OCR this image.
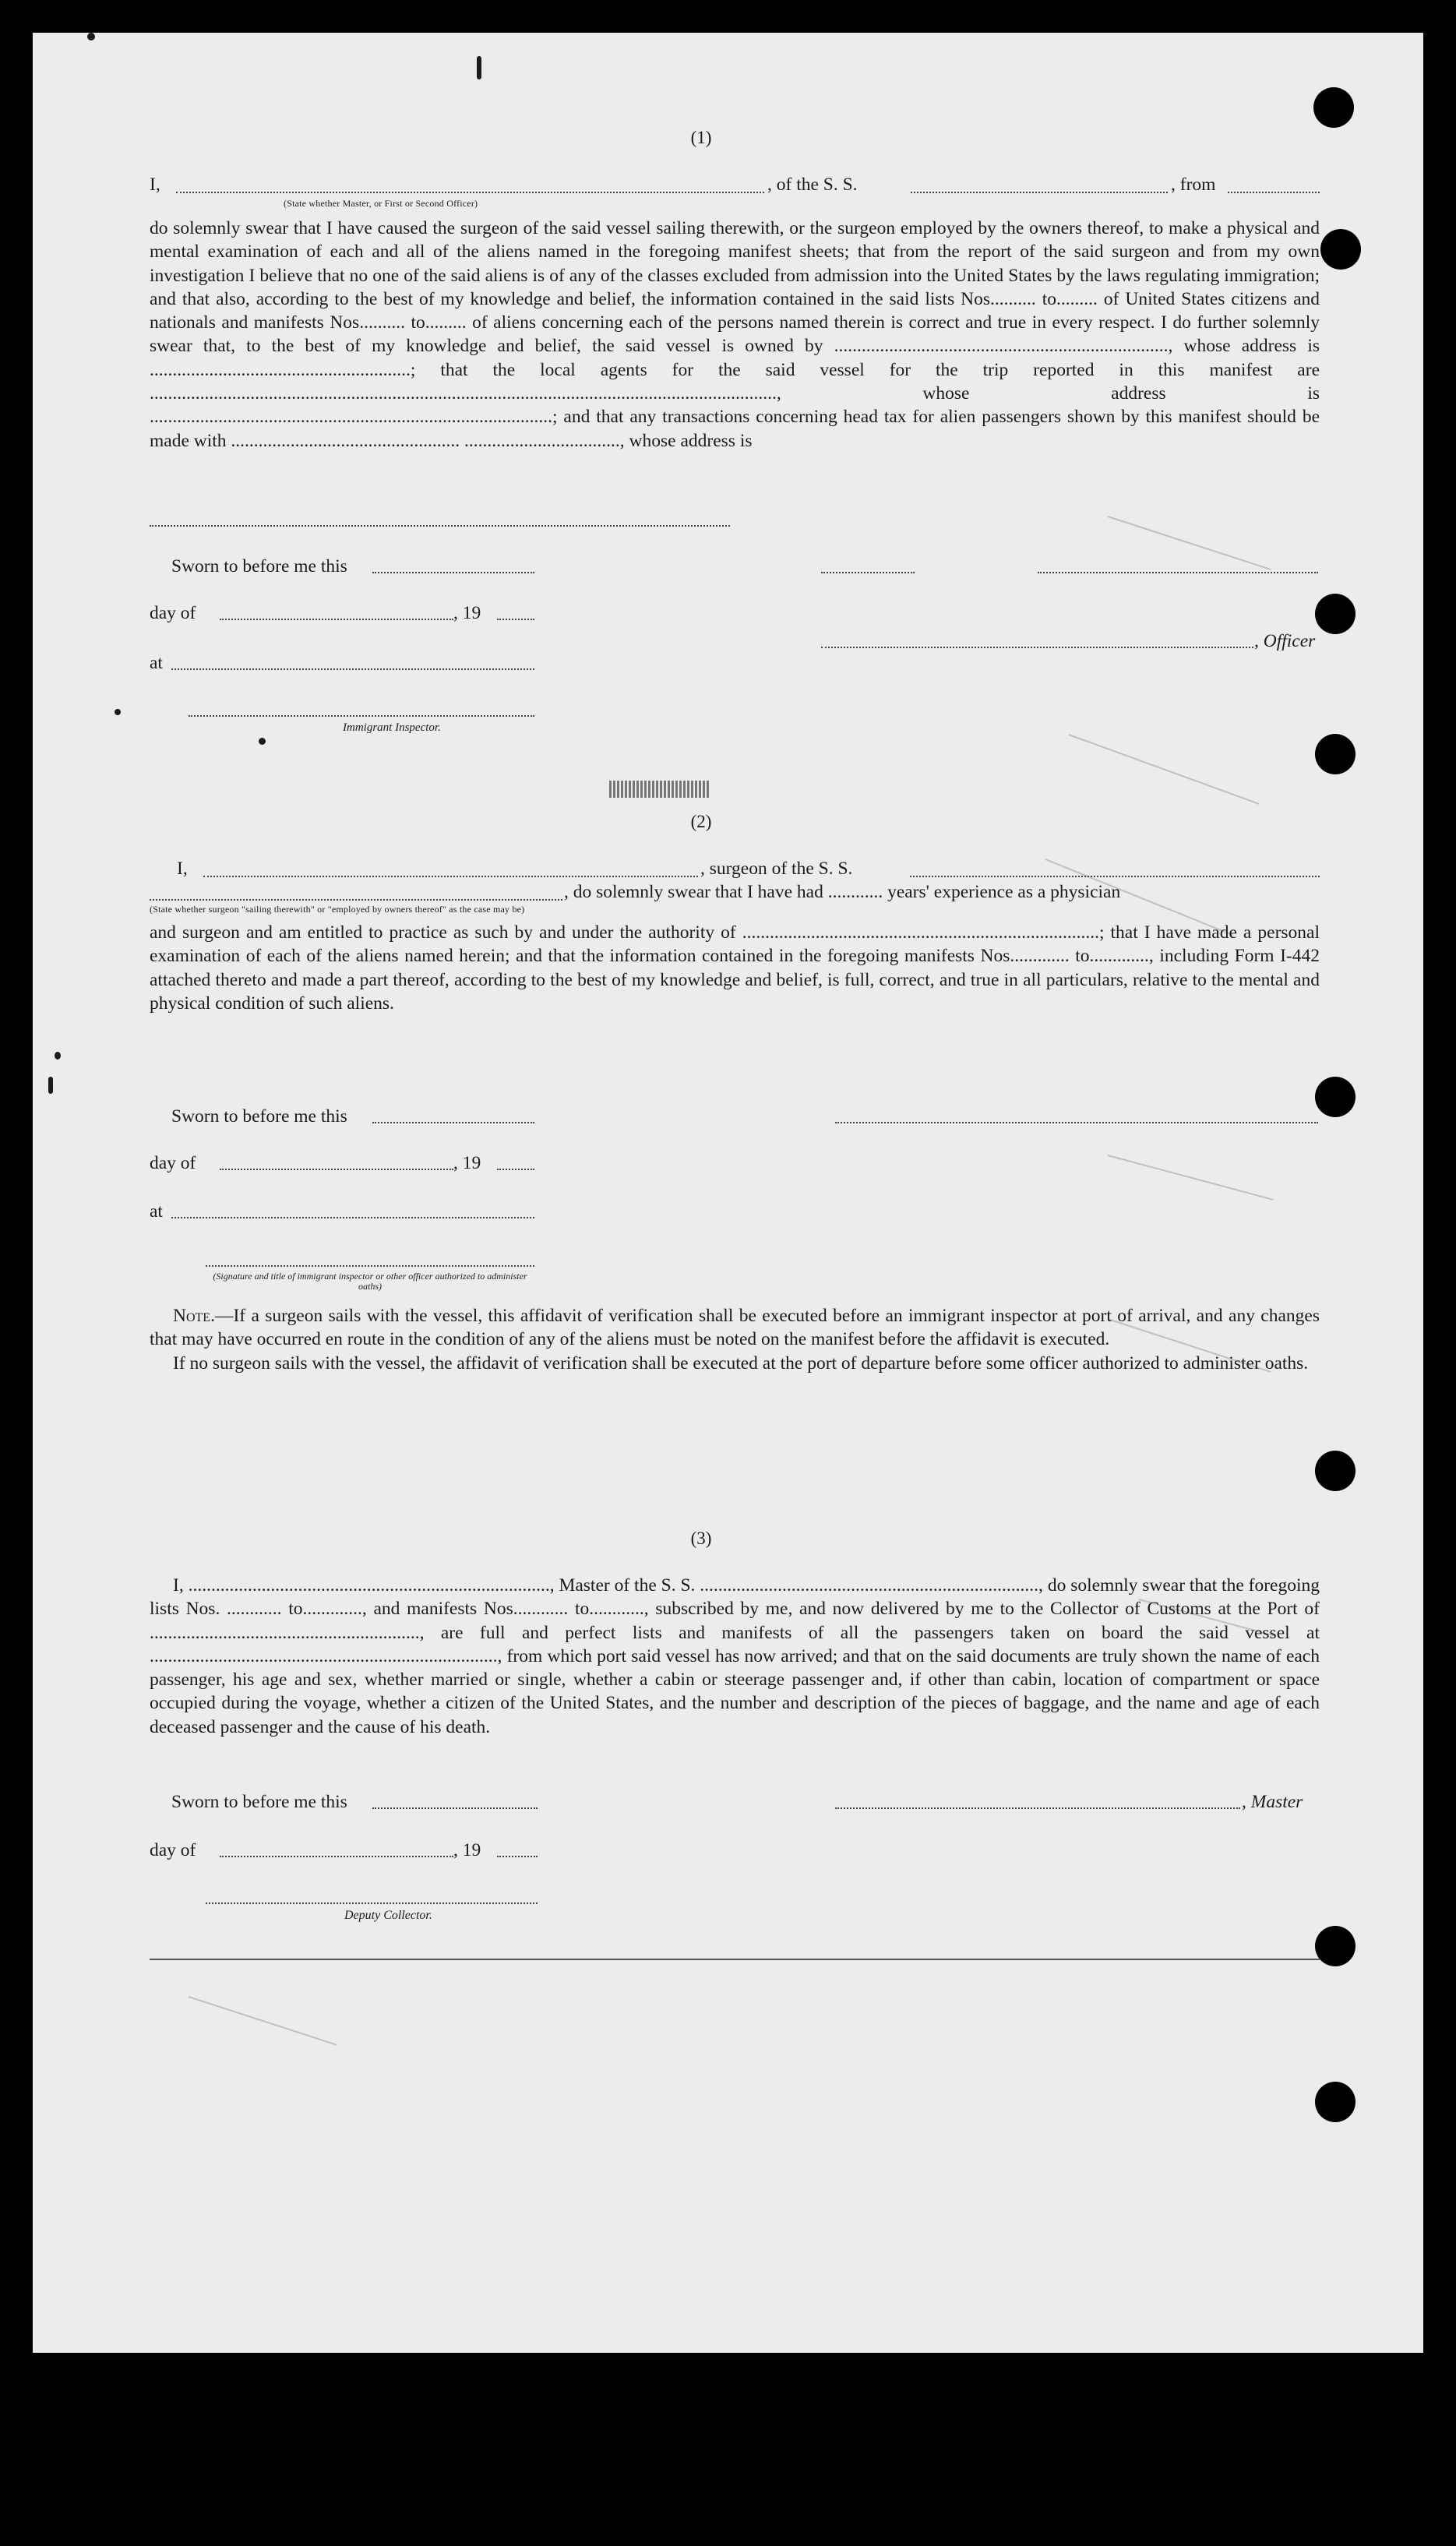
(1)
I,	, of the S. S.	, from
(State whether Master, or First or Second Officer)

do solemnly swear that I have caused the surgeon of the said vessel sailing therewith, or the surgeon employed by the owners thereof, to make a physical and mental examination of each and all of the aliens named in the foregoing manifest sheets; that from the report of the said surgeon and from my own investigation I believe that no one of the said aliens is of any of the classes excluded from admission into the United States by the laws regulating immigration; and that also, according to the best of my knowledge and belief, the information contained in the said lists Nos.......... to......... of United States citizens and nationals and manifests Nos.......... to......... of aliens concerning each of the persons named therein is correct and true in every respect. I do further solemnly swear that, to the best of my knowledge and belief, the said vessel is owned by ........................................................................., whose address is .........................................................; that the local agents for the said vessel for the trip reported in this manifest are ........................................................................................................................................., whose address is ........................................................................................; and that any transactions concerning head tax for alien passengers shown by this manifest should be made with .................................................. .................................., whose address is

Sworn to before me this
day of	, 19
, Officer
at
Immigrant Inspector.
(2)
I,	, surgeon of the S. S.
, do solemnly swear that I have had ............ years' experience as a physician
(State whether surgeon "sailing therewith" or "employed by owners thereof" as the case may be)

and surgeon and am entitled to practice as such by and under the authority of ..............................................................................; that I have made a personal examination of each of the aliens named herein; and that the information contained in the foregoing manifests Nos............. to............., including Form I-442 attached thereto and made a part thereof, according to the best of my knowledge and belief, is full, correct, and true in all particulars, relative to the mental and physical condition of such aliens.

Sworn to before me this
day of	, 19
at
(Signature and title of immigrant inspector or other officer authorized to administer oaths)

Note.—If a surgeon sails with the vessel, this affidavit of verification shall be executed before an immigrant inspector at port of arrival, and any changes that may have occurred en route in the condition of any of the aliens must be noted on the manifest before the affidavit is executed.

If no surgeon sails with the vessel, the affidavit of verification shall be executed at the port of departure before some officer authorized to administer oaths.

(3)

I, ..............................................................................., Master of the S. S. .........................................................................., do solemnly swear that the foregoing lists Nos. ............ to............., and manifests Nos............ to............, subscribed by me, and now delivered by me to the Collector of Customs at the Port of ..........................................................., are full and perfect lists and manifests of all the passengers taken on board the said vessel at ............................................................................, from which port said vessel has now arrived; and that on the said documents are truly shown the name of each passenger, his age and sex, whether married or single, whether a cabin or steerage passenger and, if other than cabin, location of compartment or space occupied during the voyage, whether a citizen of the United States, and the number and description of the pieces of baggage, and the name and age of each deceased passenger and the cause of his death.

Sworn to before me this	, Master
day of	, 19
Deputy Collector.
